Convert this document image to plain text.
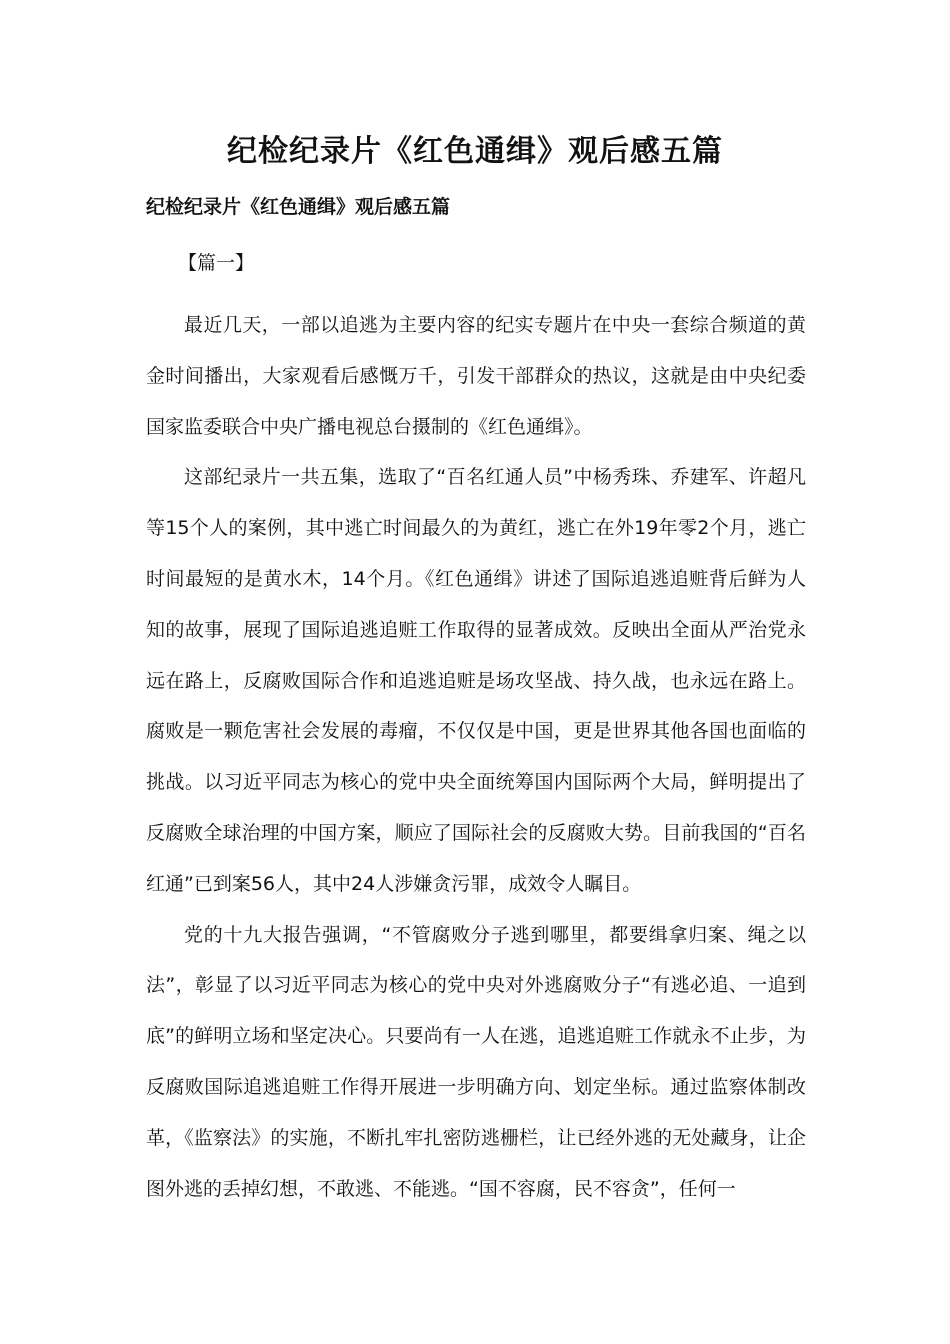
纪检纪录片《红色通缉》观后感五篇
纪检纪录片《红色通缉》观后感五篇
【篇一】

最近几天，一部以追逃为主要内容的纪实专题片在中央一套综合频道的黄金时间播出，大家观看后感慨万千，引发干部群众的热议，这就是由中央纪委国家监委联合中央广播电视总台摄制的《红色通缉》。

这部纪录片一共五集，选取了“百名红通人员”中杨秀珠、乔建军、许超凡等15个人的案例，其中逃亡时间最久的为黄红，逃亡在外19年零2个月，逃亡时间最短的是黄水木，14个月。《红色通缉》讲述了国际追逃追赃背后鲜为人知的故事，展现了国际追逃追赃工作取得的显著成效。反映出全面从严治党永远在路上，反腐败国际合作和追逃追赃是场攻坚战、持久战，也永远在路上。腐败是一颗危害社会发展的毒瘤，不仅仅是中国，更是世界其他各国也面临的挑战。以习近平同志为核心的党中央全面统筹国内国际两个大局，鲜明提出了反腐败全球治理的中国方案，顺应了国际社会的反腐败大势。目前我国的“百名红通”已到案56人，其中24人涉嫌贪污罪，成效令人瞩目。

党的十九大报告强调，“不管腐败分子逃到哪里，都要缉拿归案、绳之以法”，彰显了以习近平同志为核心的党中央对外逃腐败分子“有逃必追、一追到底”的鲜明立场和坚定决心。只要尚有一人在逃，追逃追赃工作就永不止步，为反腐败国际追逃追赃工作得开展进一步明确方向、划定坐标。通过监察体制改革，《监察法》的实施，不断扎牢扎密防逃栅栏，让已经外逃的无处藏身，让企图外逃的丢掉幻想，不敢逃、不能逃。“国不容腐，民不容贪”，任何一
